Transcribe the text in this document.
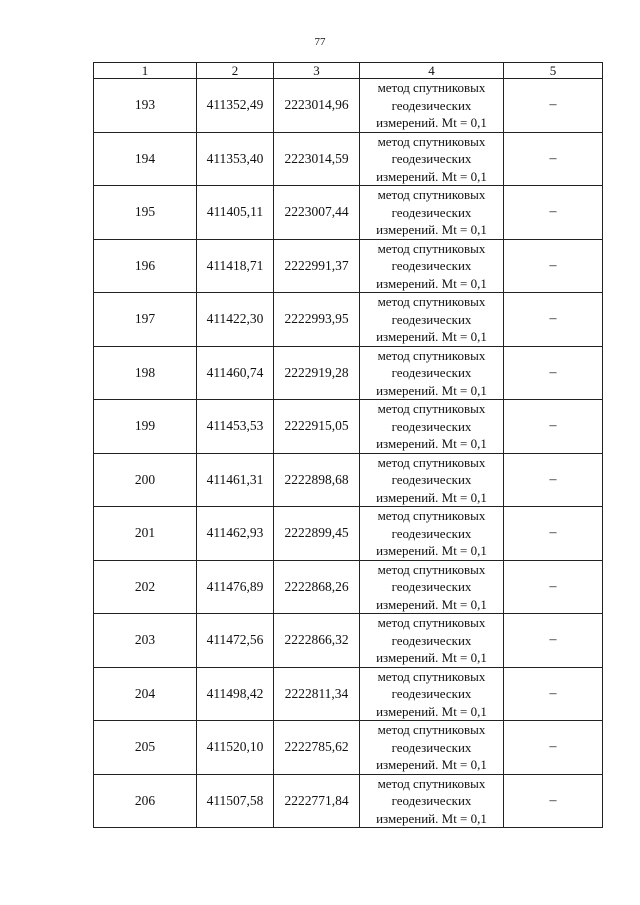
77
1	2	3	4	5
193	411352,49	2223014,96	метод спутниковых
геодезических
измерений. Mt = 0,1	–
194	411353,40	2223014,59	метод спутниковых
геодезических
измерений. Mt = 0,1	–
195	411405,11	2223007,44	метод спутниковых
геодезических
измерений. Mt = 0,1	–
196	411418,71	2222991,37	метод спутниковых
геодезических
измерений. Mt = 0,1	–
197	411422,30	2222993,95	метод спутниковых
геодезических
измерений. Mt = 0,1	–
198	411460,74	2222919,28	метод спутниковых
геодезических
измерений. Mt = 0,1	–
199	411453,53	2222915,05	метод спутниковых
геодезических
измерений. Mt = 0,1	–
200	411461,31	2222898,68	метод спутниковых
геодезических
измерений. Mt = 0,1	–
201	411462,93	2222899,45	метод спутниковых
геодезических
измерений. Mt = 0,1	–
202	411476,89	2222868,26	метод спутниковых
геодезических
измерений. Mt = 0,1	–
203	411472,56	2222866,32	метод спутниковых
геодезических
измерений. Mt = 0,1	–
204	411498,42	2222811,34	метод спутниковых
геодезических
измерений. Mt = 0,1	–
205	411520,10	2222785,62	метод спутниковых
геодезических
измерений. Mt = 0,1	–
206	411507,58	2222771,84	метод спутниковых
геодезических
измерений. Mt = 0,1	–
